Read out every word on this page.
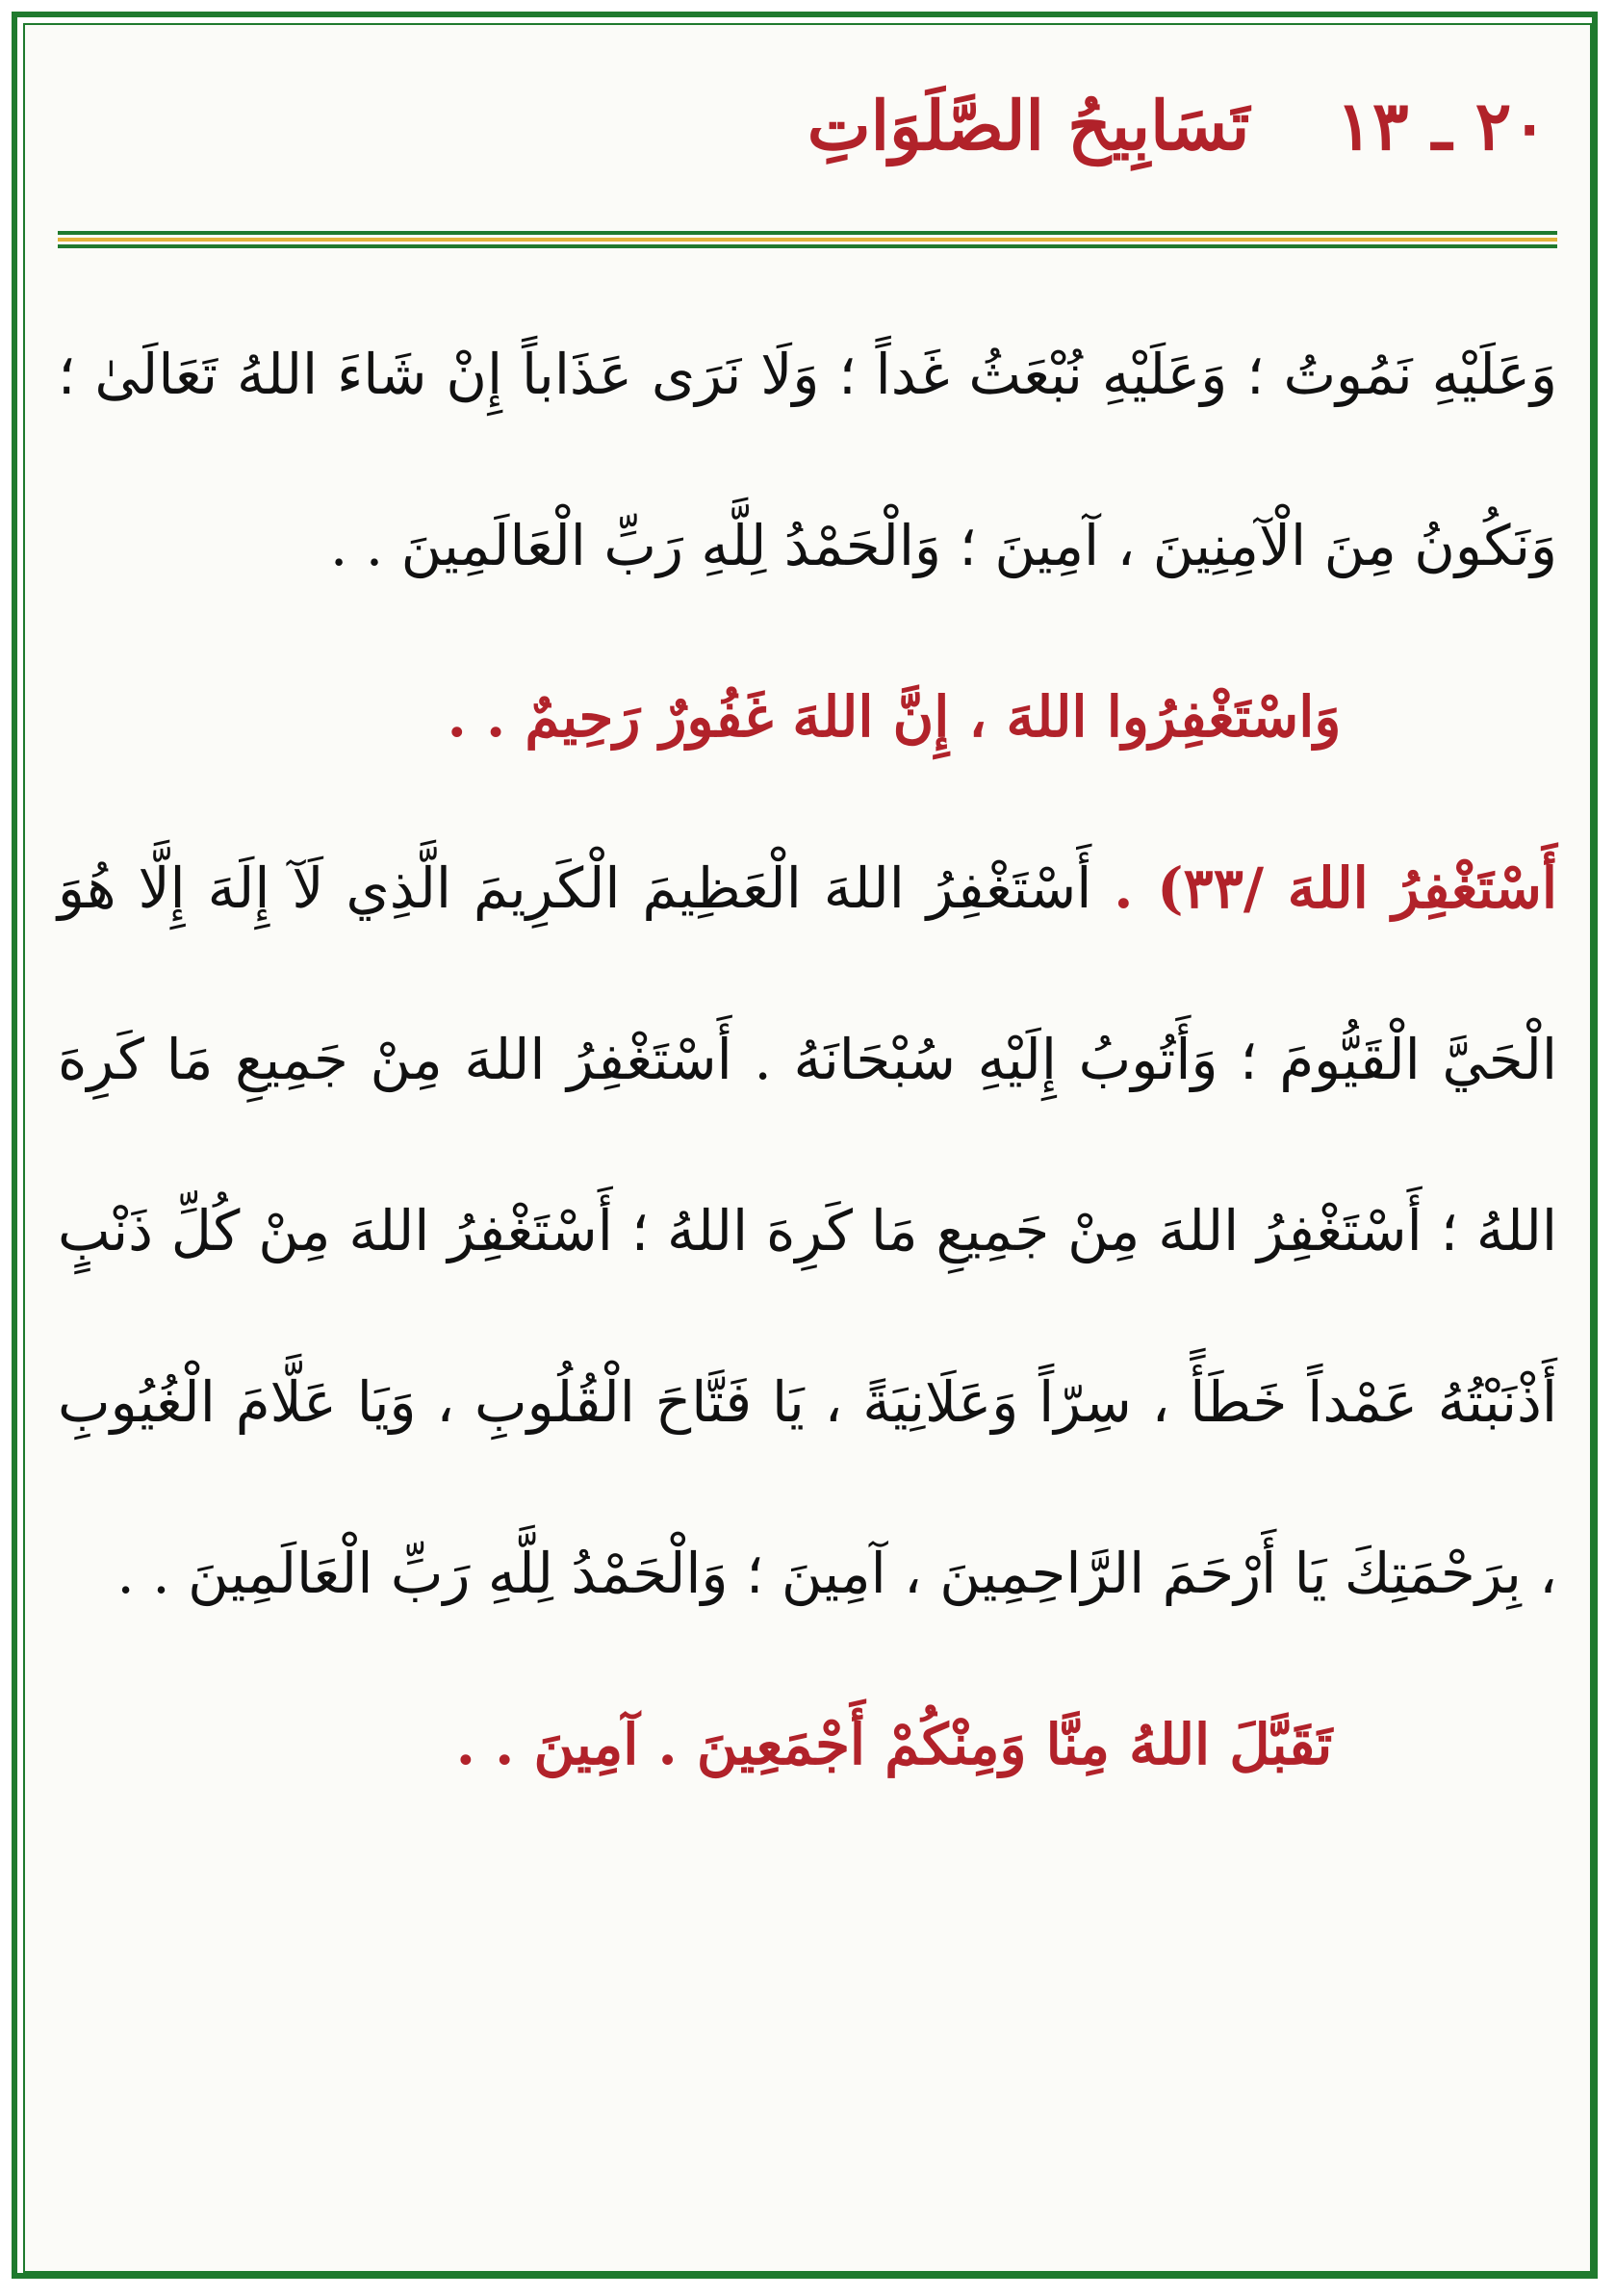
٢٠ ـ ١٣
تَسَابِيحُ الصَّلَوَاتِ

وَعَلَيْهِ نَمُوتُ ؛ وَعَلَيْهِ نُبْعَثُ غَداً ؛ وَلَا نَرَى عَذَاباً إِنْ شَاءَ اللهُ تَعَالَىٰ ؛ وَنَكُونُ مِنَ الْآمِنِينَ ، آمِينَ ؛ وَالْحَمْدُ لِلَّهِ رَبِّ الْعَالَمِينَ . .

وَاسْتَغْفِرُوا اللهَ ، إِنَّ اللهَ غَفُورٌ رَحِيمٌ . .

أَسْتَغْفِرُ اللهَ /٣٣) . أَسْتَغْفِرُ اللهَ الْعَظِيمَ الْكَرِيمَ الَّذِي لَآ إِلَهَ إِلَّا هُوَ الْحَيَّ الْقَيُّومَ ؛ وَأَتُوبُ إِلَيْهِ سُبْحَانَهُ . أَسْتَغْفِرُ اللهَ مِنْ جَمِيعِ مَا كَرِهَ اللهُ ؛ أَسْتَغْفِرُ اللهَ مِنْ جَمِيعِ مَا كَرِهَ اللهُ ؛ أَسْتَغْفِرُ اللهَ مِنْ كُلِّ ذَنْبٍ أَذْنَبْتُهُ عَمْداً خَطَأً ، سِرّاً وَعَلَانِيَةً ، يَا فَتَّاحَ الْقُلُوبِ ، وَيَا عَلَّامَ الْغُيُوبِ ، بِرَحْمَتِكَ يَا أَرْحَمَ الرَّاحِمِينَ ، آمِينَ ؛ وَالْحَمْدُ لِلَّهِ رَبِّ الْعَالَمِينَ . .

تَقَبَّلَ اللهُ مِنَّا وَمِنْكُمْ أَجْمَعِينَ . آمِينَ . .
